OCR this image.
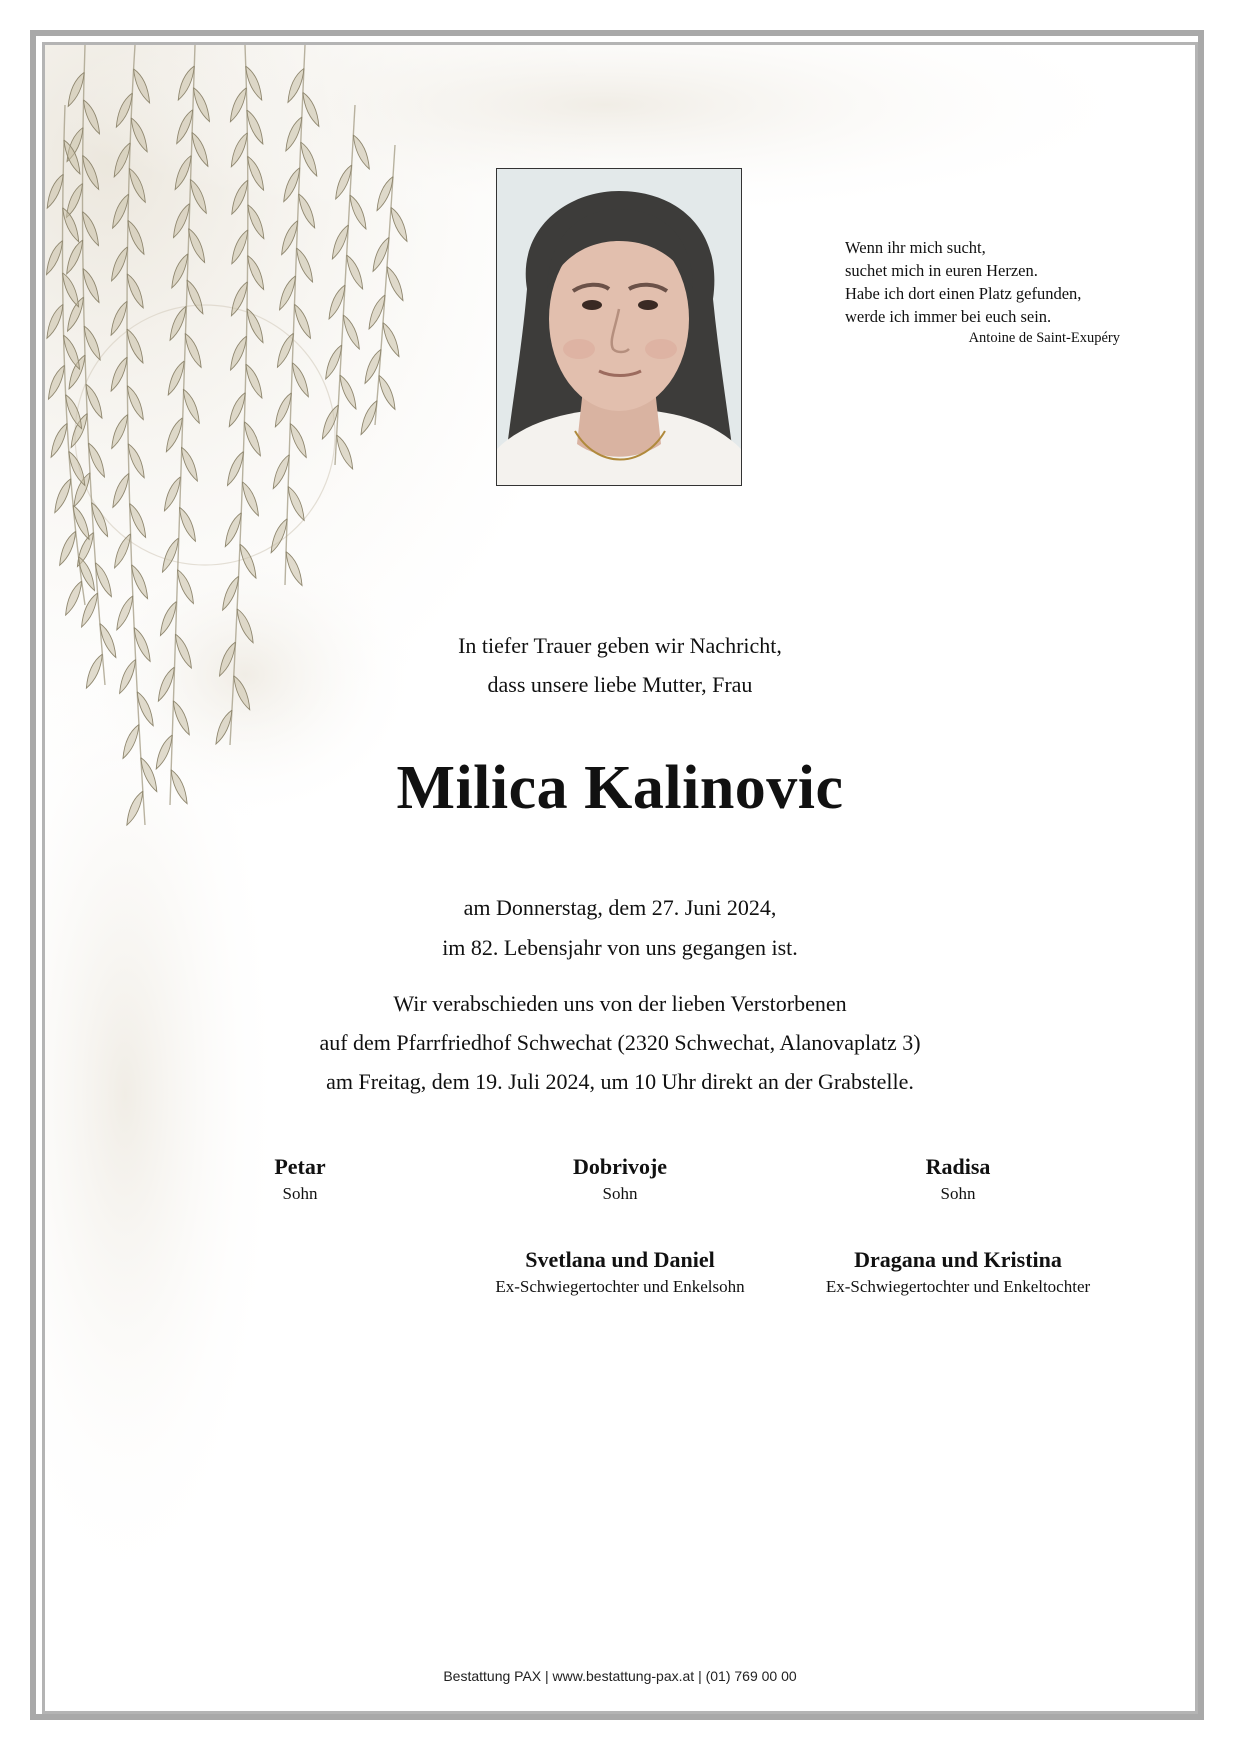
Wenn ihr mich sucht,
suchet mich in euren Herzen.
Habe ich dort einen Platz gefunden,
werde ich immer bei euch sein.
Antoine de Saint-Exupéry
In tiefer Trauer geben wir Nachricht,
dass unsere liebe Mutter, Frau
Milica Kalinovic
am Donnerstag, dem 27. Juni 2024,
im 82. Lebensjahr von uns gegangen ist.
Wir verabschieden uns von der lieben Verstorbenen
auf dem Pfarrfriedhof Schwechat (2320 Schwechat, Alanovaplatz 3)
am Freitag, dem 19. Juli 2024, um 10 Uhr direkt an der Grabstelle.
Petar
Sohn
Dobrivoje
Sohn
Radisa
Sohn
Svetlana und Daniel
Ex-Schwiegertochter und Enkelsohn
Dragana und Kristina
Ex-Schwiegertochter und Enkeltochter
Bestattung PAX | www.bestattung-pax.at | (01) 769 00 00
